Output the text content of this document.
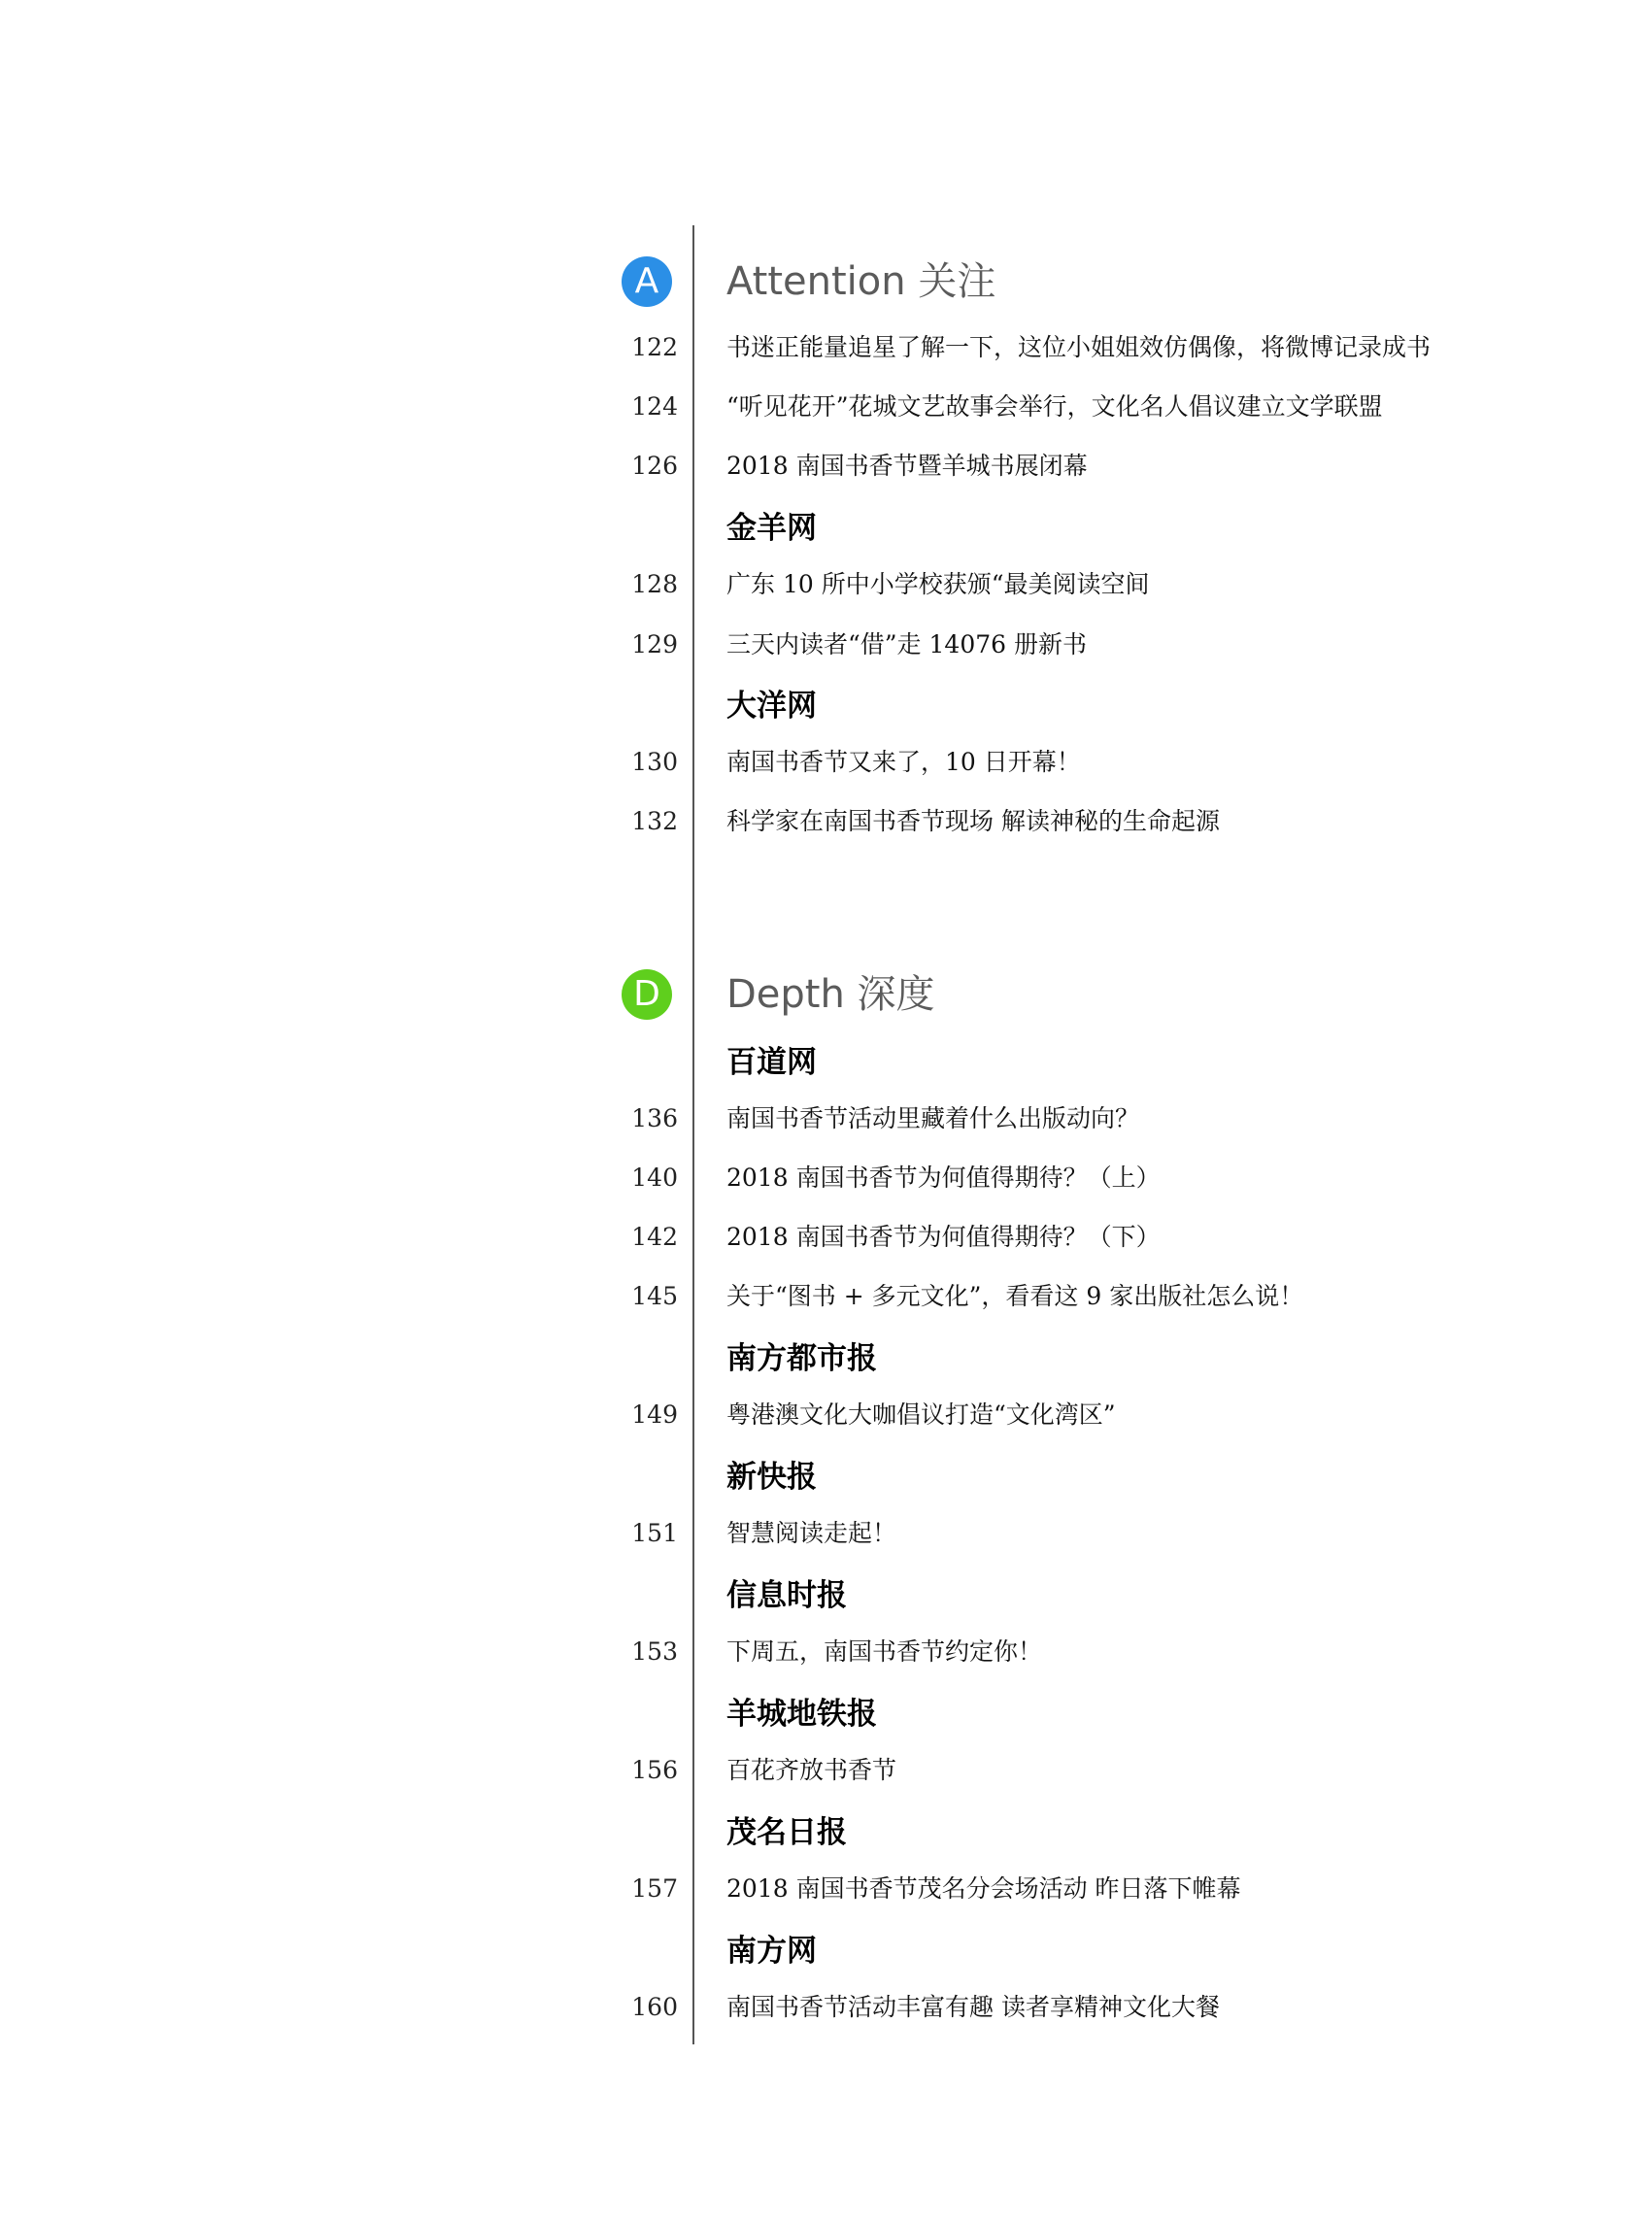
A	Attention 关注
122 书迷正能量追星了解一下，这位小姐姐效仿偶像，将微博记录成书
124 “听见花开”花城文艺故事会举行，文化名人倡议建立文学联盟
126 2018 南国书香节暨羊城书展闭幕
金羊网
128 广东 10 所中小学校获颁“最美阅读空间
129 三天内读者“借”走 14076 册新书
大洋网
130 南国书香节又来了，10 日开幕！
132 科学家在南国书香节现场 解读神秘的生命起源
D	Depth 深度
百道网
136 南国书香节活动里藏着什么出版动向？
140 2018 南国书香节为何值得期待？（上）
142 2018 南国书香节为何值得期待？（下）
145 关于“图书 + 多元文化”，看看这 9 家出版社怎么说！
南方都市报
149 粤港澳文化大咖倡议打造“文化湾区”
新快报
151 智慧阅读走起！
信息时报
153 下周五，南国书香节约定你！
羊城地铁报
156 百花齐放书香节
茂名日报
157 2018 南国书香节茂名分会场活动 昨日落下帷幕
南方网
160 南国书香节活动丰富有趣 读者享精神文化大餐
